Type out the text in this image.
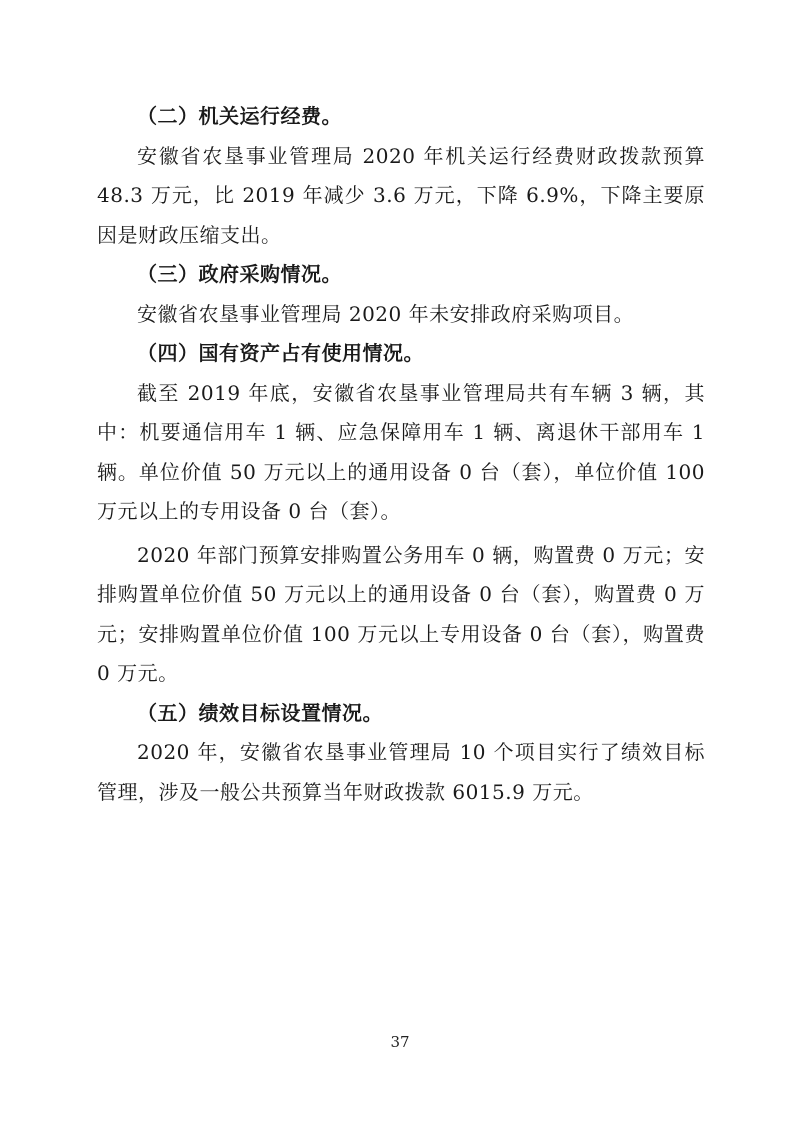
（二）机关运行经费。

安徽省农垦事业管理局 2020 年机关运行经费财政拨款预算 48.3 万元，比 2019 年减少 3.6 万元，下降 6.9%，下降主要原因是财政压缩支出。

（三）政府采购情况。

安徽省农垦事业管理局 2020 年未安排政府采购项目。

（四）国有资产占有使用情况。

截至 2019 年底，安徽省农垦事业管理局共有车辆 3 辆，其中：机要通信用车 1 辆、应急保障用车 1 辆、离退休干部用车 1 辆。单位价值 50 万元以上的通用设备 0 台（套），单位价值 100 万元以上的专用设备 0 台（套）。

2020 年部门预算安排购置公务用车 0 辆，购置费 0 万元；安排购置单位价值 50 万元以上的通用设备 0 台（套），购置费 0 万元；安排购置单位价值 100 万元以上专用设备 0 台（套），购置费 0 万元。

（五）绩效目标设置情况。

2020 年，安徽省农垦事业管理局 10 个项目实行了绩效目标管理，涉及一般公共预算当年财政拨款 6015.9 万元。

37
